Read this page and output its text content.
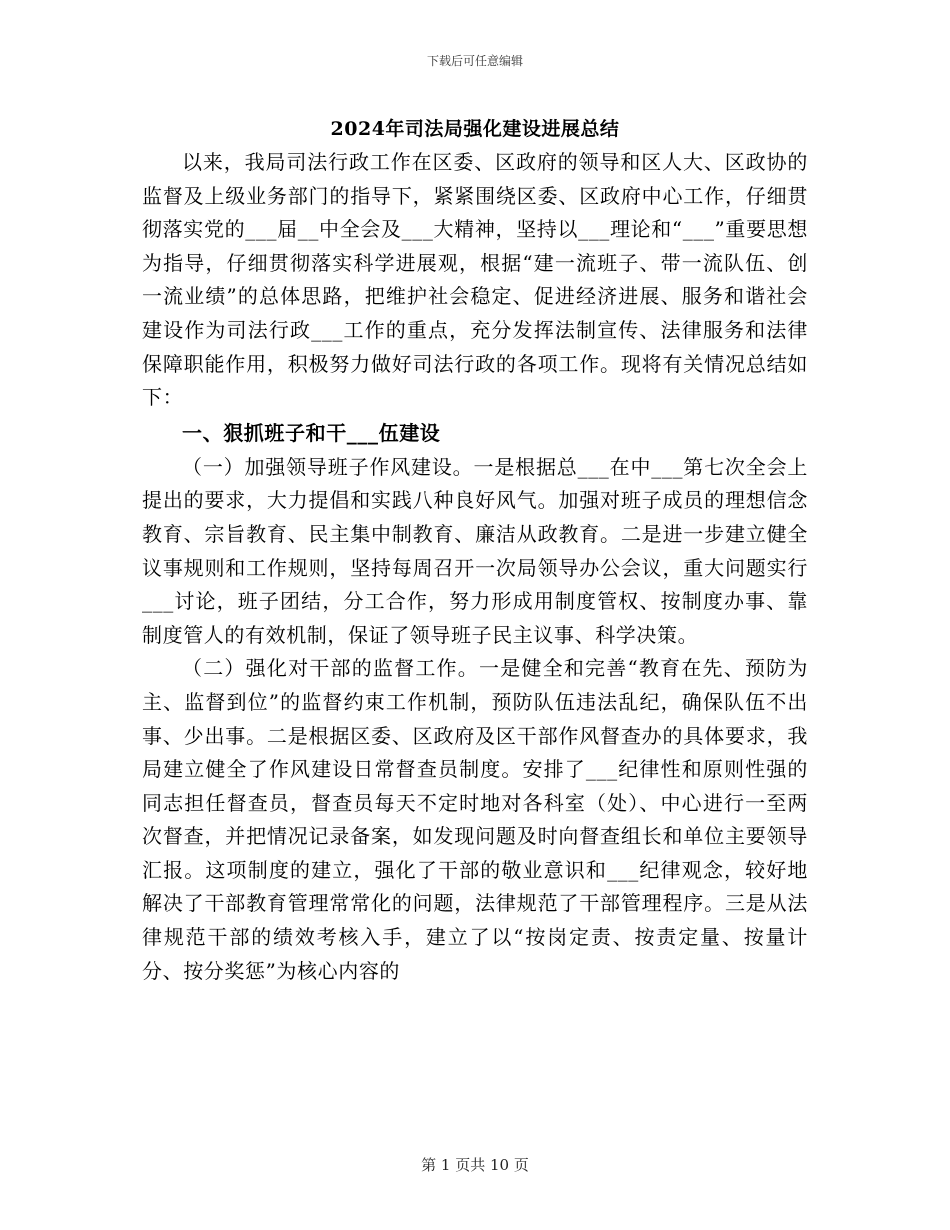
下载后可任意编辑
2024年司法局强化建设进展总结

以来，我局司法行政工作在区委、区政府的领导和区人大、区政协的监督及上级业务部门的指导下，紧紧围绕区委、区政府中心工作，仔细贯彻落实党的___届__中全会及___大精神，坚持以___理论和“___”重要思想为指导，仔细贯彻落实科学进展观，根据“建一流班子、带一流队伍、创一流业绩”的总体思路，把维护社会稳定、促进经济进展、服务和谐社会建设作为司法行政___工作的重点，充分发挥法制宣传、法律服务和法律保障职能作用，积极努力做好司法行政的各项工作。现将有关情况总结如下：

一、狠抓班子和干___伍建设

（一）加强领导班子作风建设。一是根据总___在中___第七次全会上提出的要求，大力提倡和实践八种良好风气。加强对班子成员的理想信念教育、宗旨教育、民主集中制教育、廉洁从政教育。二是进一步建立健全议事规则和工作规则，坚持每周召开一次局领导办公会议，重大问题实行___讨论，班子团结，分工合作，努力形成用制度管权、按制度办事、靠制度管人的有效机制，保证了领导班子民主议事、科学决策。

（二）强化对干部的监督工作。一是健全和完善“教育在先、预防为主、监督到位”的监督约束工作机制，预防队伍违法乱纪，确保队伍不出事、少出事。二是根据区委、区政府及区干部作风督查办的具体要求，我局建立健全了作风建设日常督查员制度。安排了___纪律性和原则性强的同志担任督查员，督查员每天不定时地对各科室（处）、中心进行一至两次督查，并把情况记录备案，如发现问题及时向督查组长和单位主要领导汇报。这项制度的建立，强化了干部的敬业意识和___纪律观念，较好地解决了干部教育管理常常化的问题，法律规范了干部管理程序。三是从法律规范干部的绩效考核入手，建立了以“按岗定责、按责定量、按量计分、按分奖惩”为核心内容的

第 1 页共 10 页
